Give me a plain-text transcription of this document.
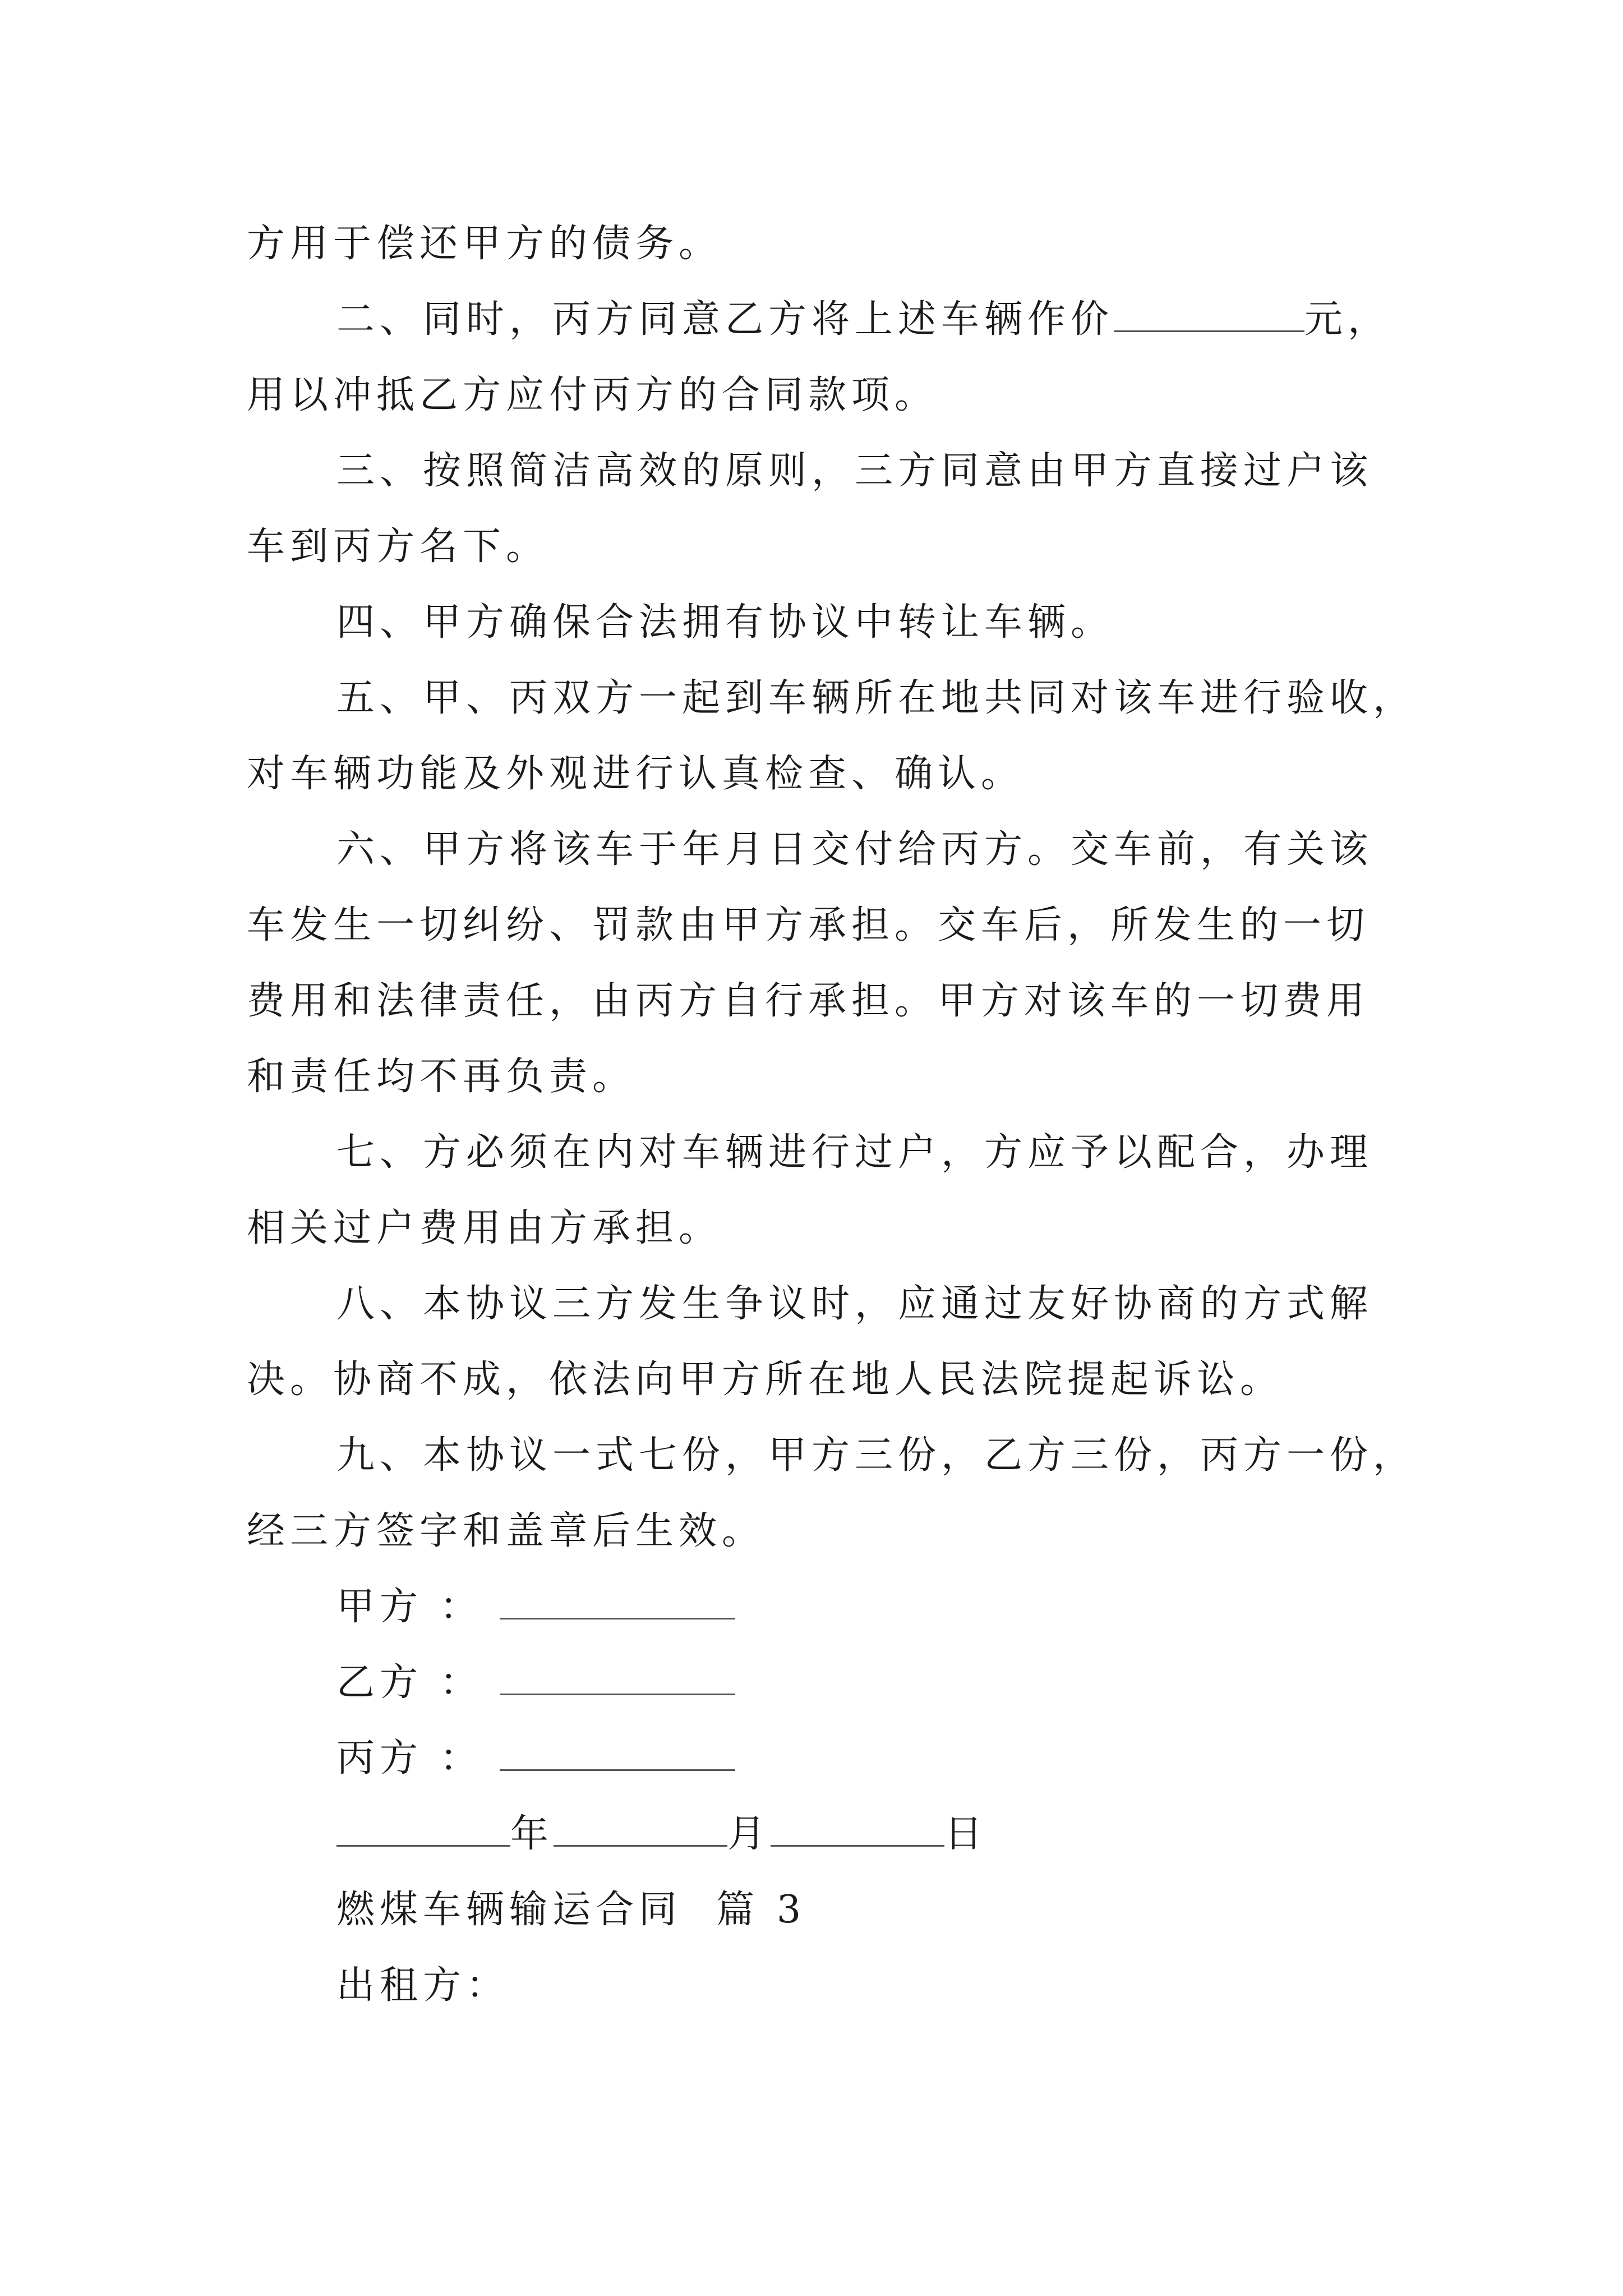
方用于偿还甲方的债务。
二、同时，丙方同意乙方将上述车辆作价	元，
用以冲抵乙方应付丙方的合同款项。
三、按照简洁高效的原则，三方同意由甲方直接过户该
车到丙方名下。
四、甲方确保合法拥有协议中转让车辆。
五、甲、丙双方一起到车辆所在地共同对该车进行验收，
对车辆功能及外观进行认真检查、确认。
六、甲方将该车于年月日交付给丙方。交车前，有关该
车发生一切纠纷、罚款由甲方承担。交车后，所发生的一切
费用和法律责任，由丙方自行承担。甲方对该车的一切费用
和责任均不再负责。
七、方必须在内对车辆进行过户，方应予以配合，办理
相关过户费用由方承担。
八、本协议三方发生争议时，应通过友好协商的方式解
决。协商不成，依法向甲方所在地人民法院提起诉讼。
九、本协议一式七份，甲方三份，乙方三份，丙方一份，
经三方签字和盖章后生效。
甲方 ：
乙方 ：
丙方 ：
年	月	日
燃煤车辆输运合同  篇 3
出租方：
